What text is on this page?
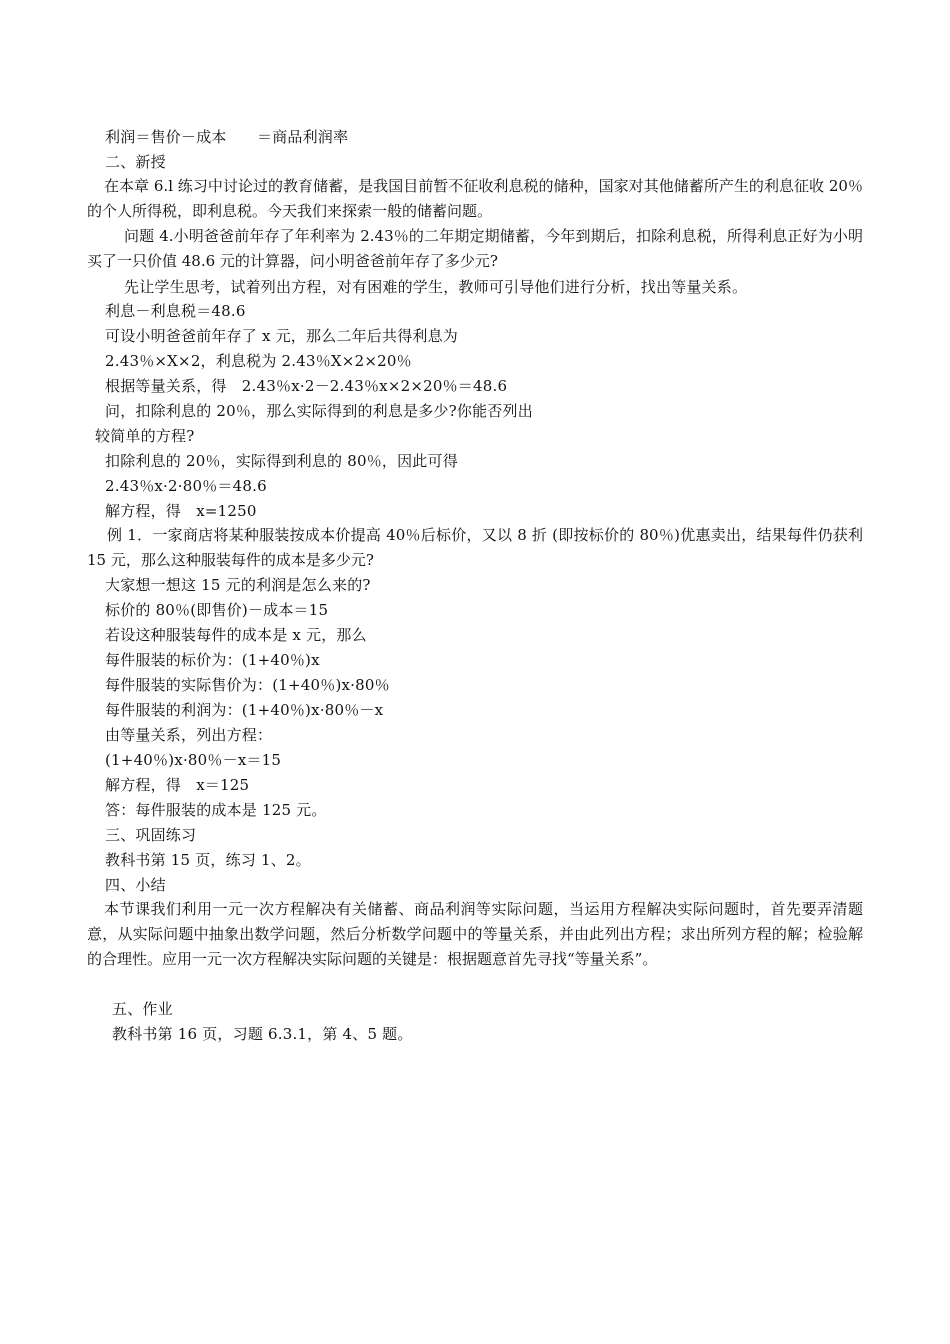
利润＝售价－成本　　＝商品利润率
二、新授
在本章 6.l 练习中讨论过的教育储蓄，是我国目前暂不征收利息税的储种，国家对其他储蓄所产生的利息征收 20％的个人所得税，即利息税。今天我们来探索一般的储蓄问题。
问题 4.小明爸爸前年存了年利率为 2.43％的二年期定期储蓄，今年到期后，扣除利息税，所得利息正好为小明买了一只价值 48.6 元的计算器，问小明爸爸前年存了多少元?
先让学生思考，试着列出方程，对有困难的学生，教师可引导他们进行分析，找出等量关系。
利息－利息税＝48.6
可设小明爸爸前年存了 x 元，那么二年后共得利息为
2.43％×X×2，利息税为 2.43％X×2×20％
根据等量关系，得　2.43％x·2－2.43％x×2×20％＝48.6
问，扣除利息的 20％，那么实际得到的利息是多少?你能否列出
较简单的方程?
扣除利息的 20％，实际得到利息的 80％，因此可得
2.43％x·2·80％＝48.6
解方程，得　x=1250
例 1．一家商店将某种服装按成本价提高 40％后标价，又以 8 折 (即按标价的 80％)优惠卖出，结果每件仍获利 15 元，那么这种服装每件的成本是多少元?
大家想一想这 15 元的利润是怎么来的?
标价的 80％(即售价)－成本＝15
若设这种服装每件的成本是 x 元，那么
每件服装的标价为：(1+40％)x
每件服装的实际售价为：(1+40％)x·80％
每件服装的利润为：(1+40％)x·80％－x
由等量关系，列出方程：
(1+40％)x·80％－x＝15
解方程，得　x＝125
答：每件服装的成本是 125 元。
三、巩固练习
教科书第 15 页，练习 1、2。
四、小结
本节课我们利用一元一次方程解决有关储蓄、商品利润等实际问题，当运用方程解决实际问题时，首先要弄清题意，从实际问题中抽象出数学问题，然后分析数学问题中的等量关系，并由此列出方程；求出所列方程的解；检验解的合理性。应用一元一次方程解决实际问题的关键是：根据题意首先寻找“等量关系”。
五、作业
教科书第 16 页，习题 6.3.1，第 4、5 题。
